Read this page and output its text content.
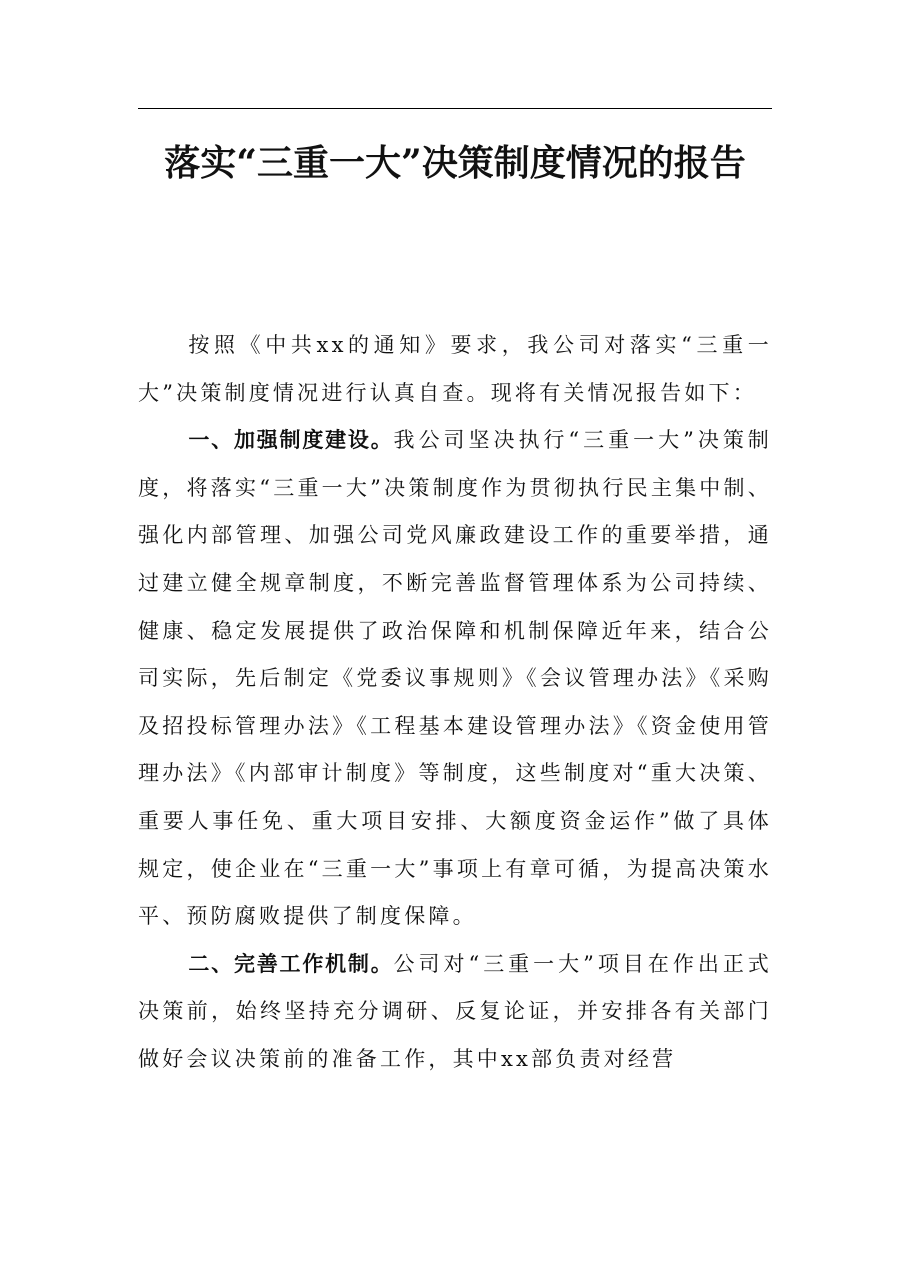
落实“三重一大”决策制度情况的报告

按照《中共xx的通知》要求，我公司对落实“三重一大”决策制度情况进行认真自查。现将有关情况报告如下：

一、加强制度建设。我公司坚决执行“三重一大”决策制度，将落实“三重一大”决策制度作为贯彻执行民主集中制、强化内部管理、加强公司党风廉政建设工作的重要举措，通过建立健全规章制度，不断完善监督管理体系为公司持续、健康、稳定发展提供了政治保障和机制保障近年来，结合公司实际，先后制定《党委议事规则》《会议管理办法》《采购及招投标管理办法》《工程基本建设管理办法》《资金使用管理办法》《内部审计制度》等制度，这些制度对“重大决策、重要人事任免、重大项目安排、大额度资金运作”做了具体规定，使企业在“三重一大”事项上有章可循，为提高决策水平、预防腐败提供了制度保障。

二、完善工作机制。公司对“三重一大”项目在作出正式决策前，始终坚持充分调研、反复论证，并安排各有关部门做好会议决策前的准备工作，其中xx部负责对经营
